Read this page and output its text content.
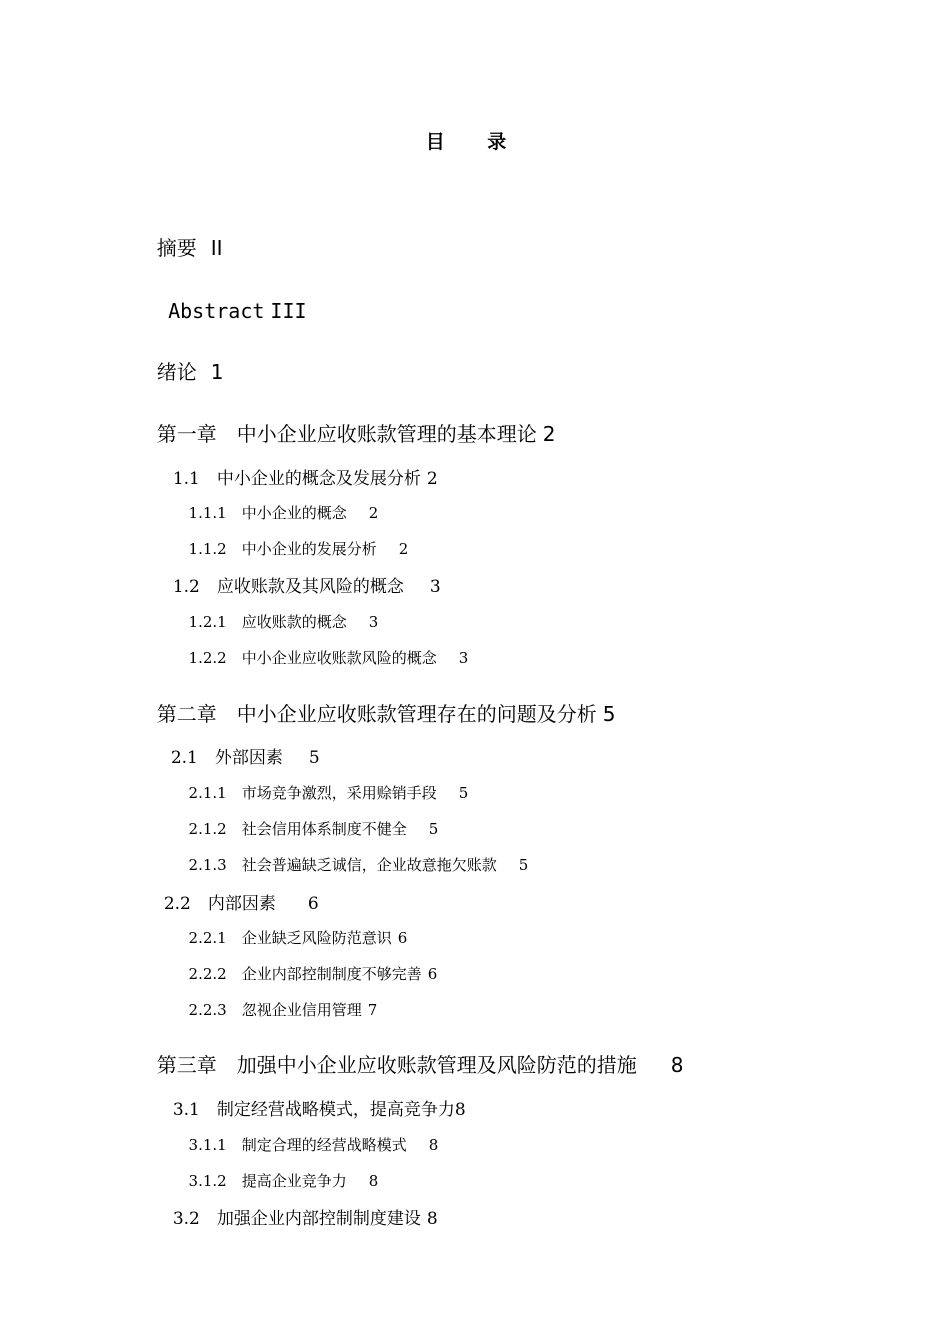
目 录

摘要 II

Abstract III

绪论 1

第一章　中小企业应收账款管理的基本理论 2

1.1　中小企业的概念及发展分析 2

1.1.1　中小企业的概念 2

1.1.2　中小企业的发展分析 2

1.2　应收账款及其风险的概念 3

1.2.1　应收账款的概念 3

1.2.2　中小企业应收账款风险的概念 3

第二章　中小企业应收账款管理存在的问题及分析 5

2.1　外部因素 5

2.1.1　市场竞争激烈，采用赊销手段 5

2.1.2　社会信用体系制度不健全 5

2.1.3　社会普遍缺乏诚信，企业故意拖欠账款 5

2.2　内部因素 6

2.2.1　企业缺乏风险防范意识 6

2.2.2　企业内部控制制度不够完善 6

2.2.3　忽视企业信用管理 7

第三章　加强中小企业应收账款管理及风险防范的措施 8

3.1　制定经营战略模式，提高竞争力8

3.1.1　制定合理的经营战略模式 8

3.1.2　提高企业竞争力 8

3.2　加强企业内部控制制度建设 8
